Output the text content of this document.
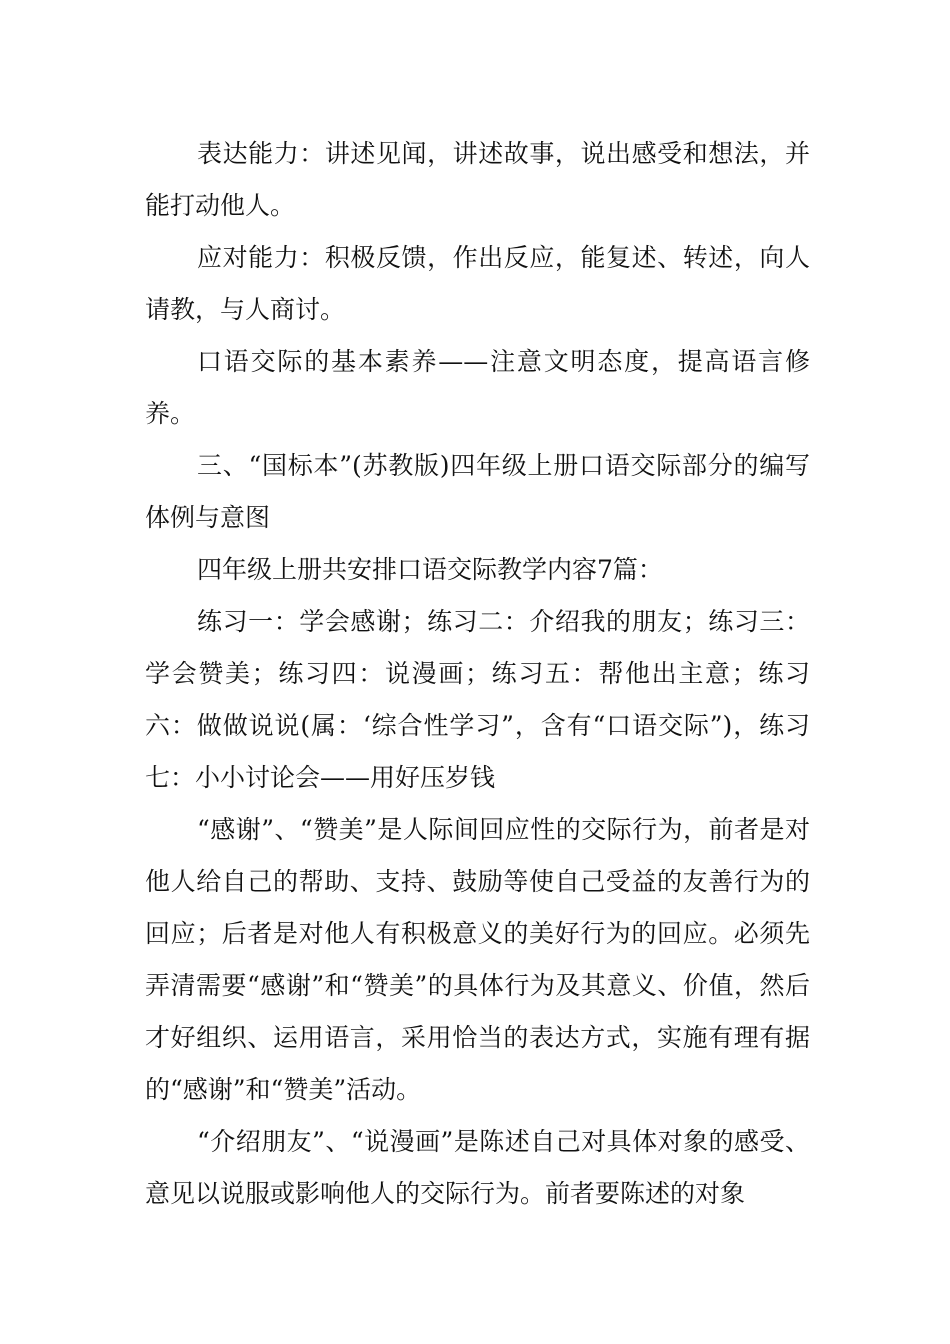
表达能力：讲述见闻，讲述故事，说出感受和想法，并能打动他人。

应对能力：积极反馈，作出反应，能复述、转述，向人请教，与人商讨。

口语交际的基本素养——注意文明态度，提高语言修养。

三、“国标本”(苏教版)四年级上册口语交际部分的编写体例与意图

四年级上册共安排口语交际教学内容7篇：

练习一：学会感谢；练习二：介绍我的朋友；练习三：学会赞美；练习四：说漫画；练习五：帮他出主意；练习六：做做说说(属：‘综合性学习”，含有“口语交际”)，练习七：小小讨论会——用好压岁钱

“感谢”、“赞美”是人际间回应性的交际行为，前者是对他人给自己的帮助、支持、鼓励等使自己受益的友善行为的回应；后者是对他人有积极意义的美好行为的回应。必须先弄清需要“感谢”和“赞美”的具体行为及其意义、价值，然后才好组织、运用语言，采用恰当的表达方式，实施有理有据的“感谢”和“赞美”活动。

“介绍朋友”、“说漫画”是陈述自己对具体对象的感受、意见以说服或影响他人的交际行为。前者要陈述的对象
